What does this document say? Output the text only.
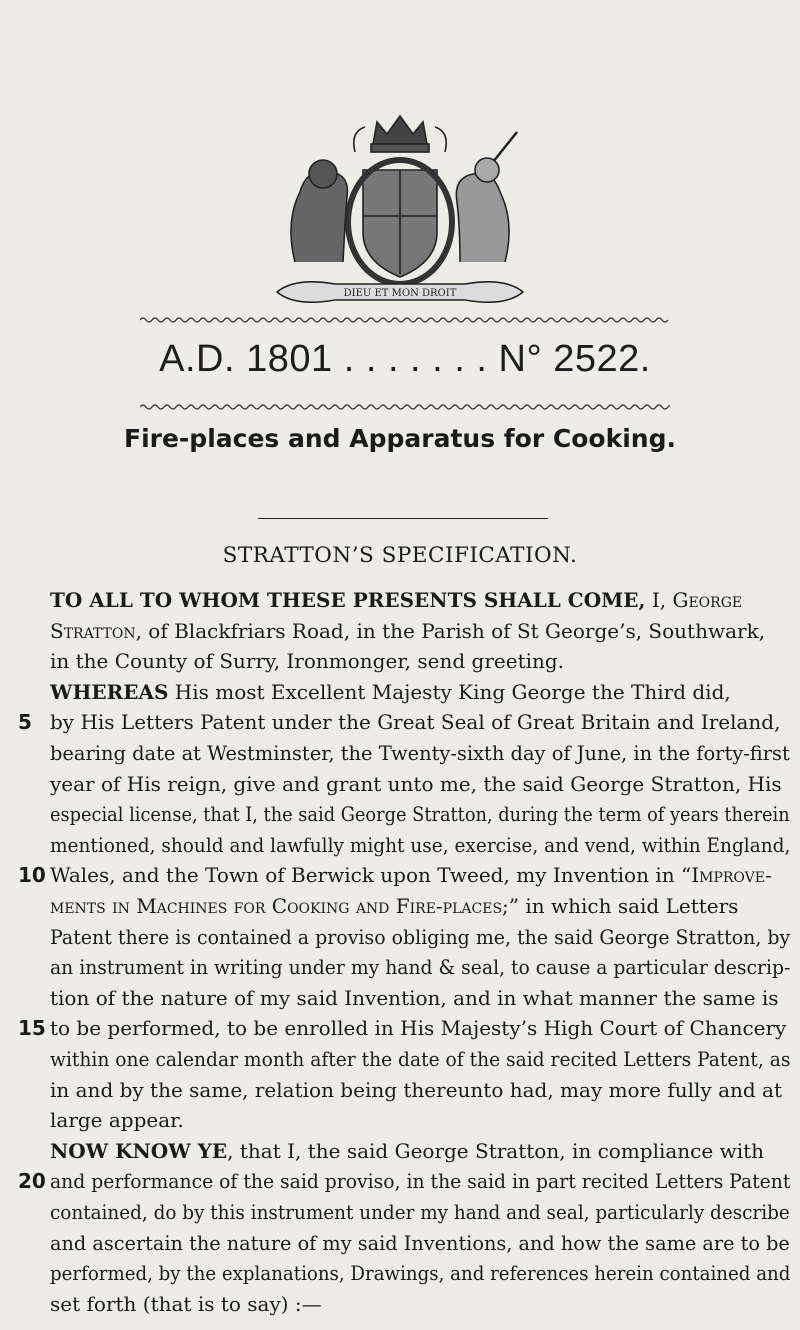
DIEU ET MON DROIT
A.D. 1801 . . . . . . . N° 2522.
Fire-places and Apparatus for Cooking.
STRATTON’S SPECIFICATION.
TO ALL TO WHOM THESE PRESENTS SHALL COME, I, George
Stratton, of Blackfriars Road, in the Parish of St George’s, Southwark,
in the County of Surry, Ironmonger, send greeting.
WHEREAS His most Excellent Majesty King George the Third did,
5 by His Letters Patent under the Great Seal of Great Britain and Ireland,
bearing date at Westminster, the Twenty-sixth day of June, in the forty-first
year of His reign, give and grant unto me, the said George Stratton, His
especial license, that I, the said George Stratton, during the term of years therein
mentioned, should and lawfully might use, exercise, and vend, within England,
10 Wales, and the Town of Berwick upon Tweed, my Invention in “Improve-
ments in Machines for Cooking and Fire-places;” in which said Letters
Patent there is contained a proviso obliging me, the said George Stratton, by
an instrument in writing under my hand & seal, to cause a particular descrip-
tion of the nature of my said Invention, and in what manner the same is
15 to be performed, to be enrolled in His Majesty’s High Court of Chancery
within one calendar month after the date of the said recited Letters Patent, as
in and by the same, relation being thereunto had, may more fully and at
large appear.
NOW KNOW YE, that I, the said George Stratton, in compliance with
20 and performance of the said proviso, in the said in part recited Letters Patent
contained, do by this instrument under my hand and seal, particularly describe
and ascertain the nature of my said Inventions, and how the same are to be
performed, by the explanations, Drawings, and references herein contained and
set forth (that is to say) :—
